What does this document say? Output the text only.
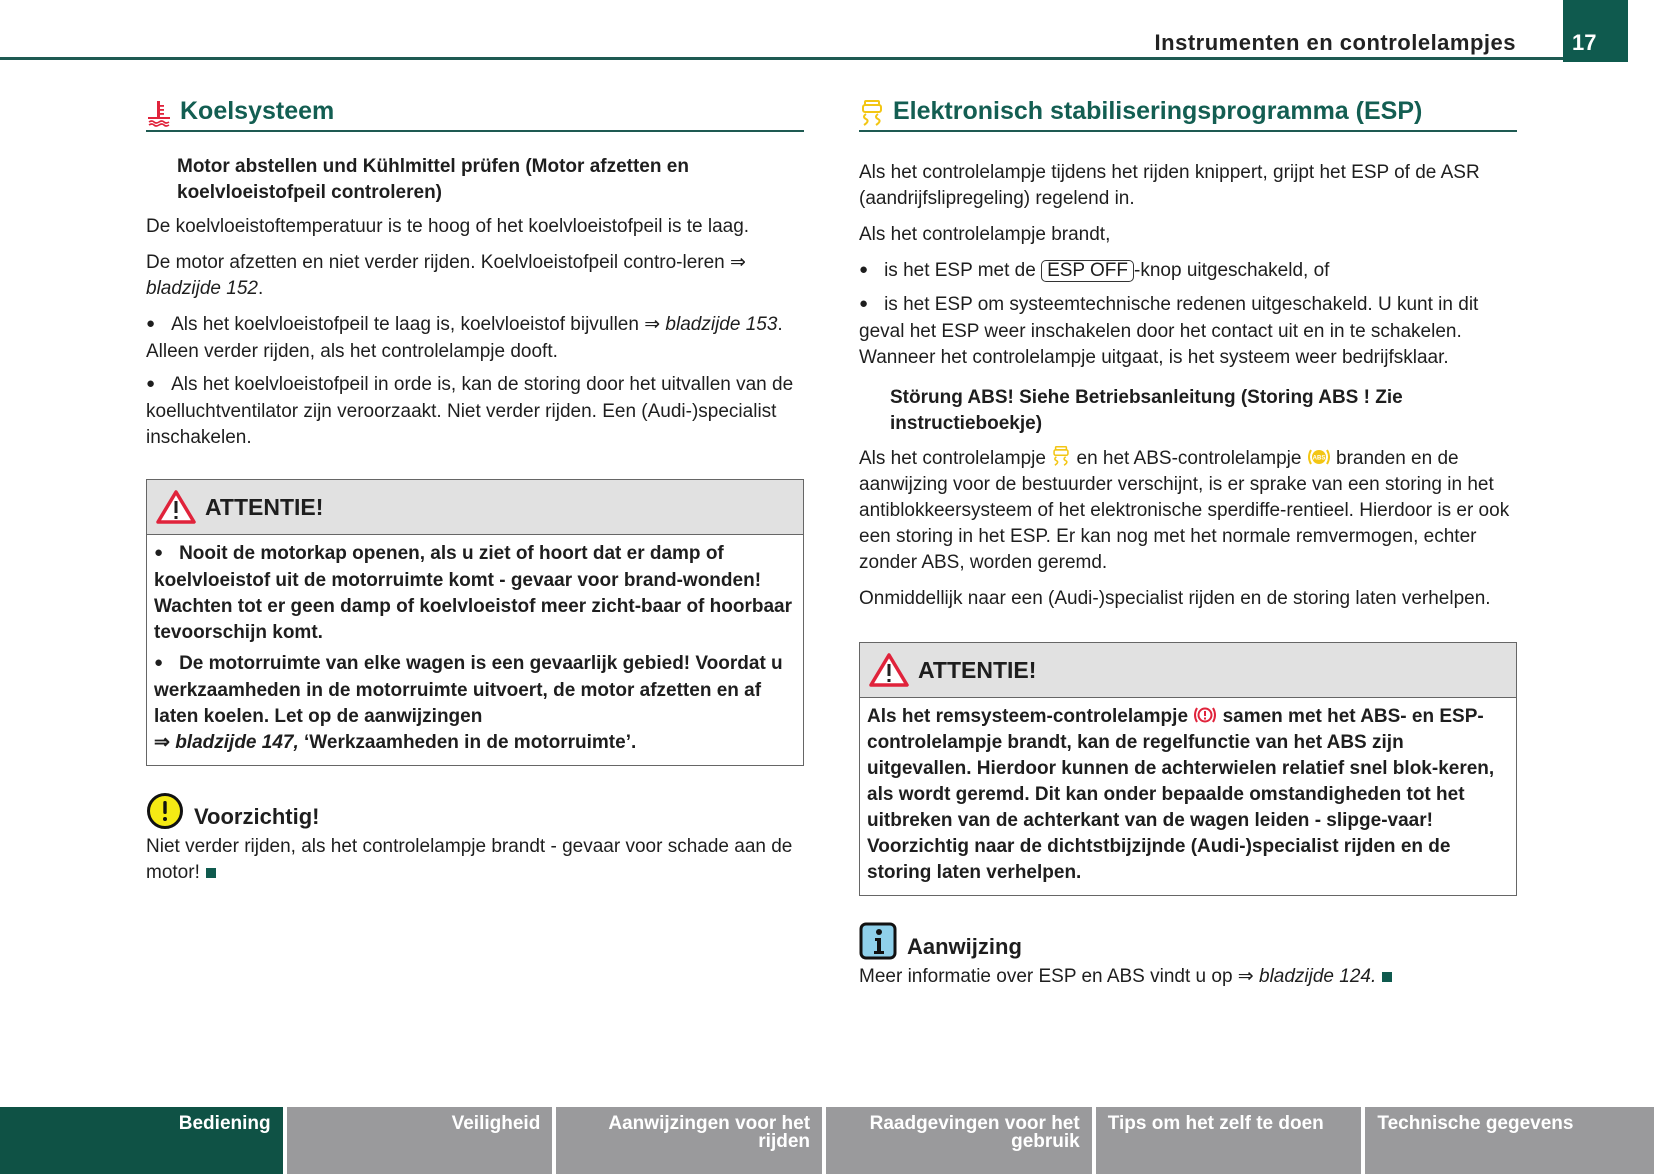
Instrumenten en controlelampjes	17
Koelsysteem

Motor abstellen und Kühlmittel prüfen (Motor afzetten en koelvloeistofpeil controleren)

De koelvloeistoftemperatuur is te hoog of het koelvloeistofpeil is te laag.

De motor afzetten en niet verder rijden. Koelvloeistofpeil contro-leren ⇒ bladzijde 152.

● Als het koelvloeistofpeil te laag is, koelvloeistof bijvullen ⇒ bladzijde 153. Alleen verder rijden, als het controlelampje dooft.

● Als het koelvloeistofpeil in orde is, kan de storing door het uitvallen van de koelluchtventilator zijn veroorzaakt. Niet verder rijden. Een (Audi-)specialist inschakelen.

ATTENTIE!

● Nooit de motorkap openen, als u ziet of hoort dat er damp of koelvloeistof uit de motorruimte komt - gevaar voor brand-wonden! Wachten tot er geen damp of koelvloeistof meer zicht-baar of hoorbaar tevoorschijn komt.

● De motorruimte van elke wagen is een gevaarlijk gebied! Voordat u werkzaamheden in de motorruimte uitvoert, de motor afzetten en af laten koelen. Let op de aanwijzingen
⇒ bladzijde 147, ‘Werkzaamheden in de motorruimte’.

Voorzichtig!

Niet verder rijden, als het controlelampje brandt - gevaar voor schade aan de motor!

Elektronisch stabiliseringsprogramma (ESP)

Als het controlelampje tijdens het rijden knippert, grijpt het ESP of de ASR (aandrijfslipregeling) regelend in.

Als het controlelampje brandt,

● is het ESP met de ESP OFF -knop uitgeschakeld, of

● is het ESP om systeemtechnische redenen uitgeschakeld. U kunt in dit geval het ESP weer inschakelen door het contact uit en in te schakelen. Wanneer het controlelampje uitgaat, is het systeem weer bedrijfsklaar.

Störung ABS! Siehe Betriebsanleitung (Storing ABS ! Zie instructieboekje)

Als het controlelampje  en het ABS-controlelampje ABS branden en de aanwijzing voor de bestuurder verschijnt, is er sprake van een storing in het antiblokkeersysteem of het elektronische sperdiffe-rentieel. Hierdoor is er ook een storing in het ESP. Er kan nog met het normale remvermogen, echter zonder ABS, worden geremd.

Onmiddellijk naar een (Audi-)specialist rijden en de storing laten verhelpen.

ATTENTIE!

Als het remsysteem-controlelampje  samen met het ABS- en ESP-controlelampje brandt, kan de regelfunctie van het ABS zijn uitgevallen. Hierdoor kunnen de achterwielen relatief snel blok-keren, als wordt geremd. Dit kan onder bepaalde omstandigheden tot het uitbreken van de achterkant van de wagen leiden - slipge-vaar! Voorzichtig naar de dichtstbijzijnde (Audi-)specialist rijden en de storing laten verhelpen.

Aanwijzing

Meer informatie over ESP en ABS vindt u op ⇒ bladzijde 124.

Bediening	Veiligheid	Aanwijzingen voor het rijden
Raadgevingen voor het gebruik
Tips om het zelf te doen	Technische gegevens
